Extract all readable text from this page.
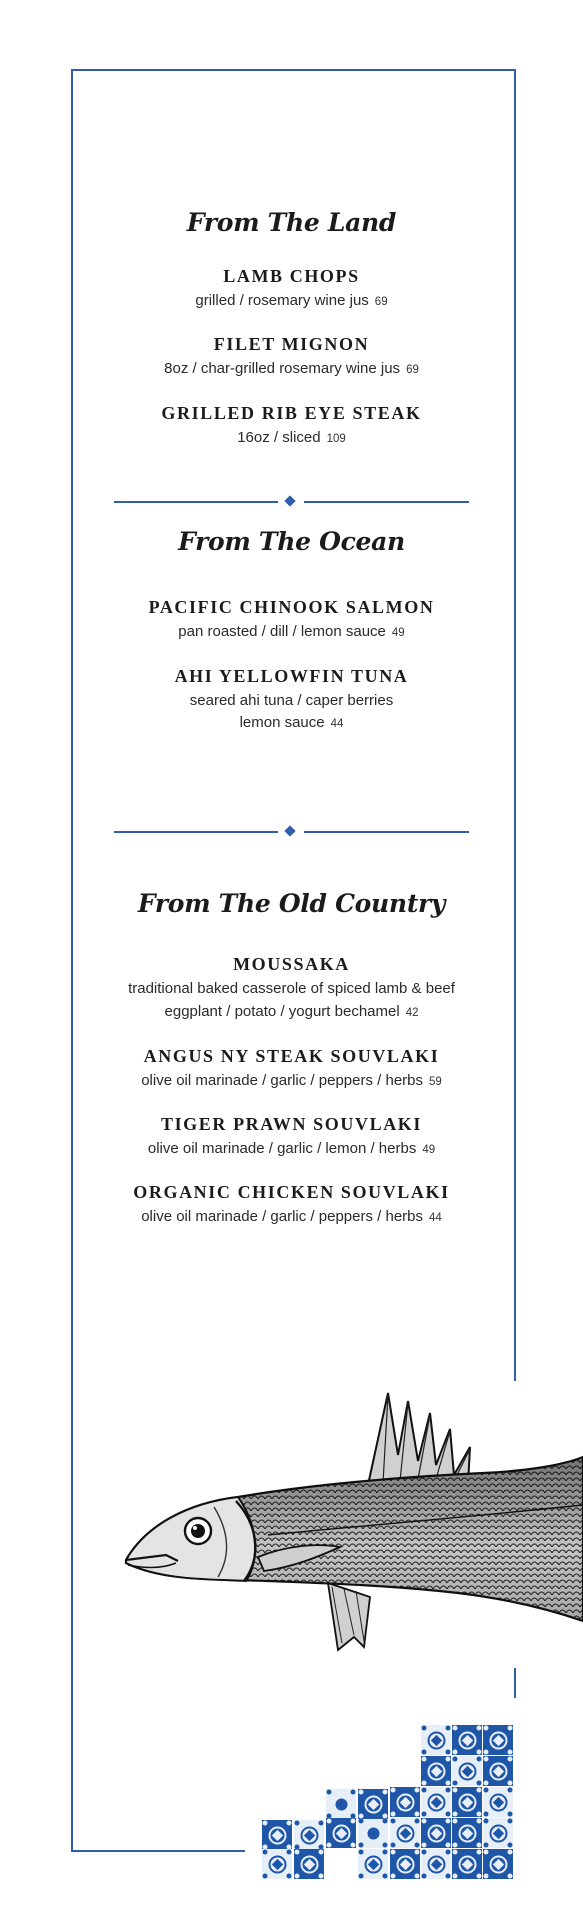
From The Land
LAMB CHOPS
grilled / rosemary wine jus 69
FILET MIGNON
8oz / char-grilled rosemary wine jus 69
GRILLED RIB EYE STEAK
16oz / sliced 109
From The Ocean
PACIFIC CHINOOK SALMON
pan roasted / dill / lemon sauce 49
AHI YELLOWFIN TUNA
seared ahi tuna / caper berries
lemon sauce 44
From The Old Country
MOUSSAKA
traditional baked casserole of spiced lamb & beef
eggplant / potato / yogurt bechamel 42
ANGUS NY STEAK SOUVLAKI
olive oil marinade / garlic / peppers / herbs 59
TIGER PRAWN SOUVLAKI
olive oil marinade / garlic / lemon / herbs 49
ORGANIC CHICKEN SOUVLAKI
olive oil marinade / garlic / peppers / herbs 44
